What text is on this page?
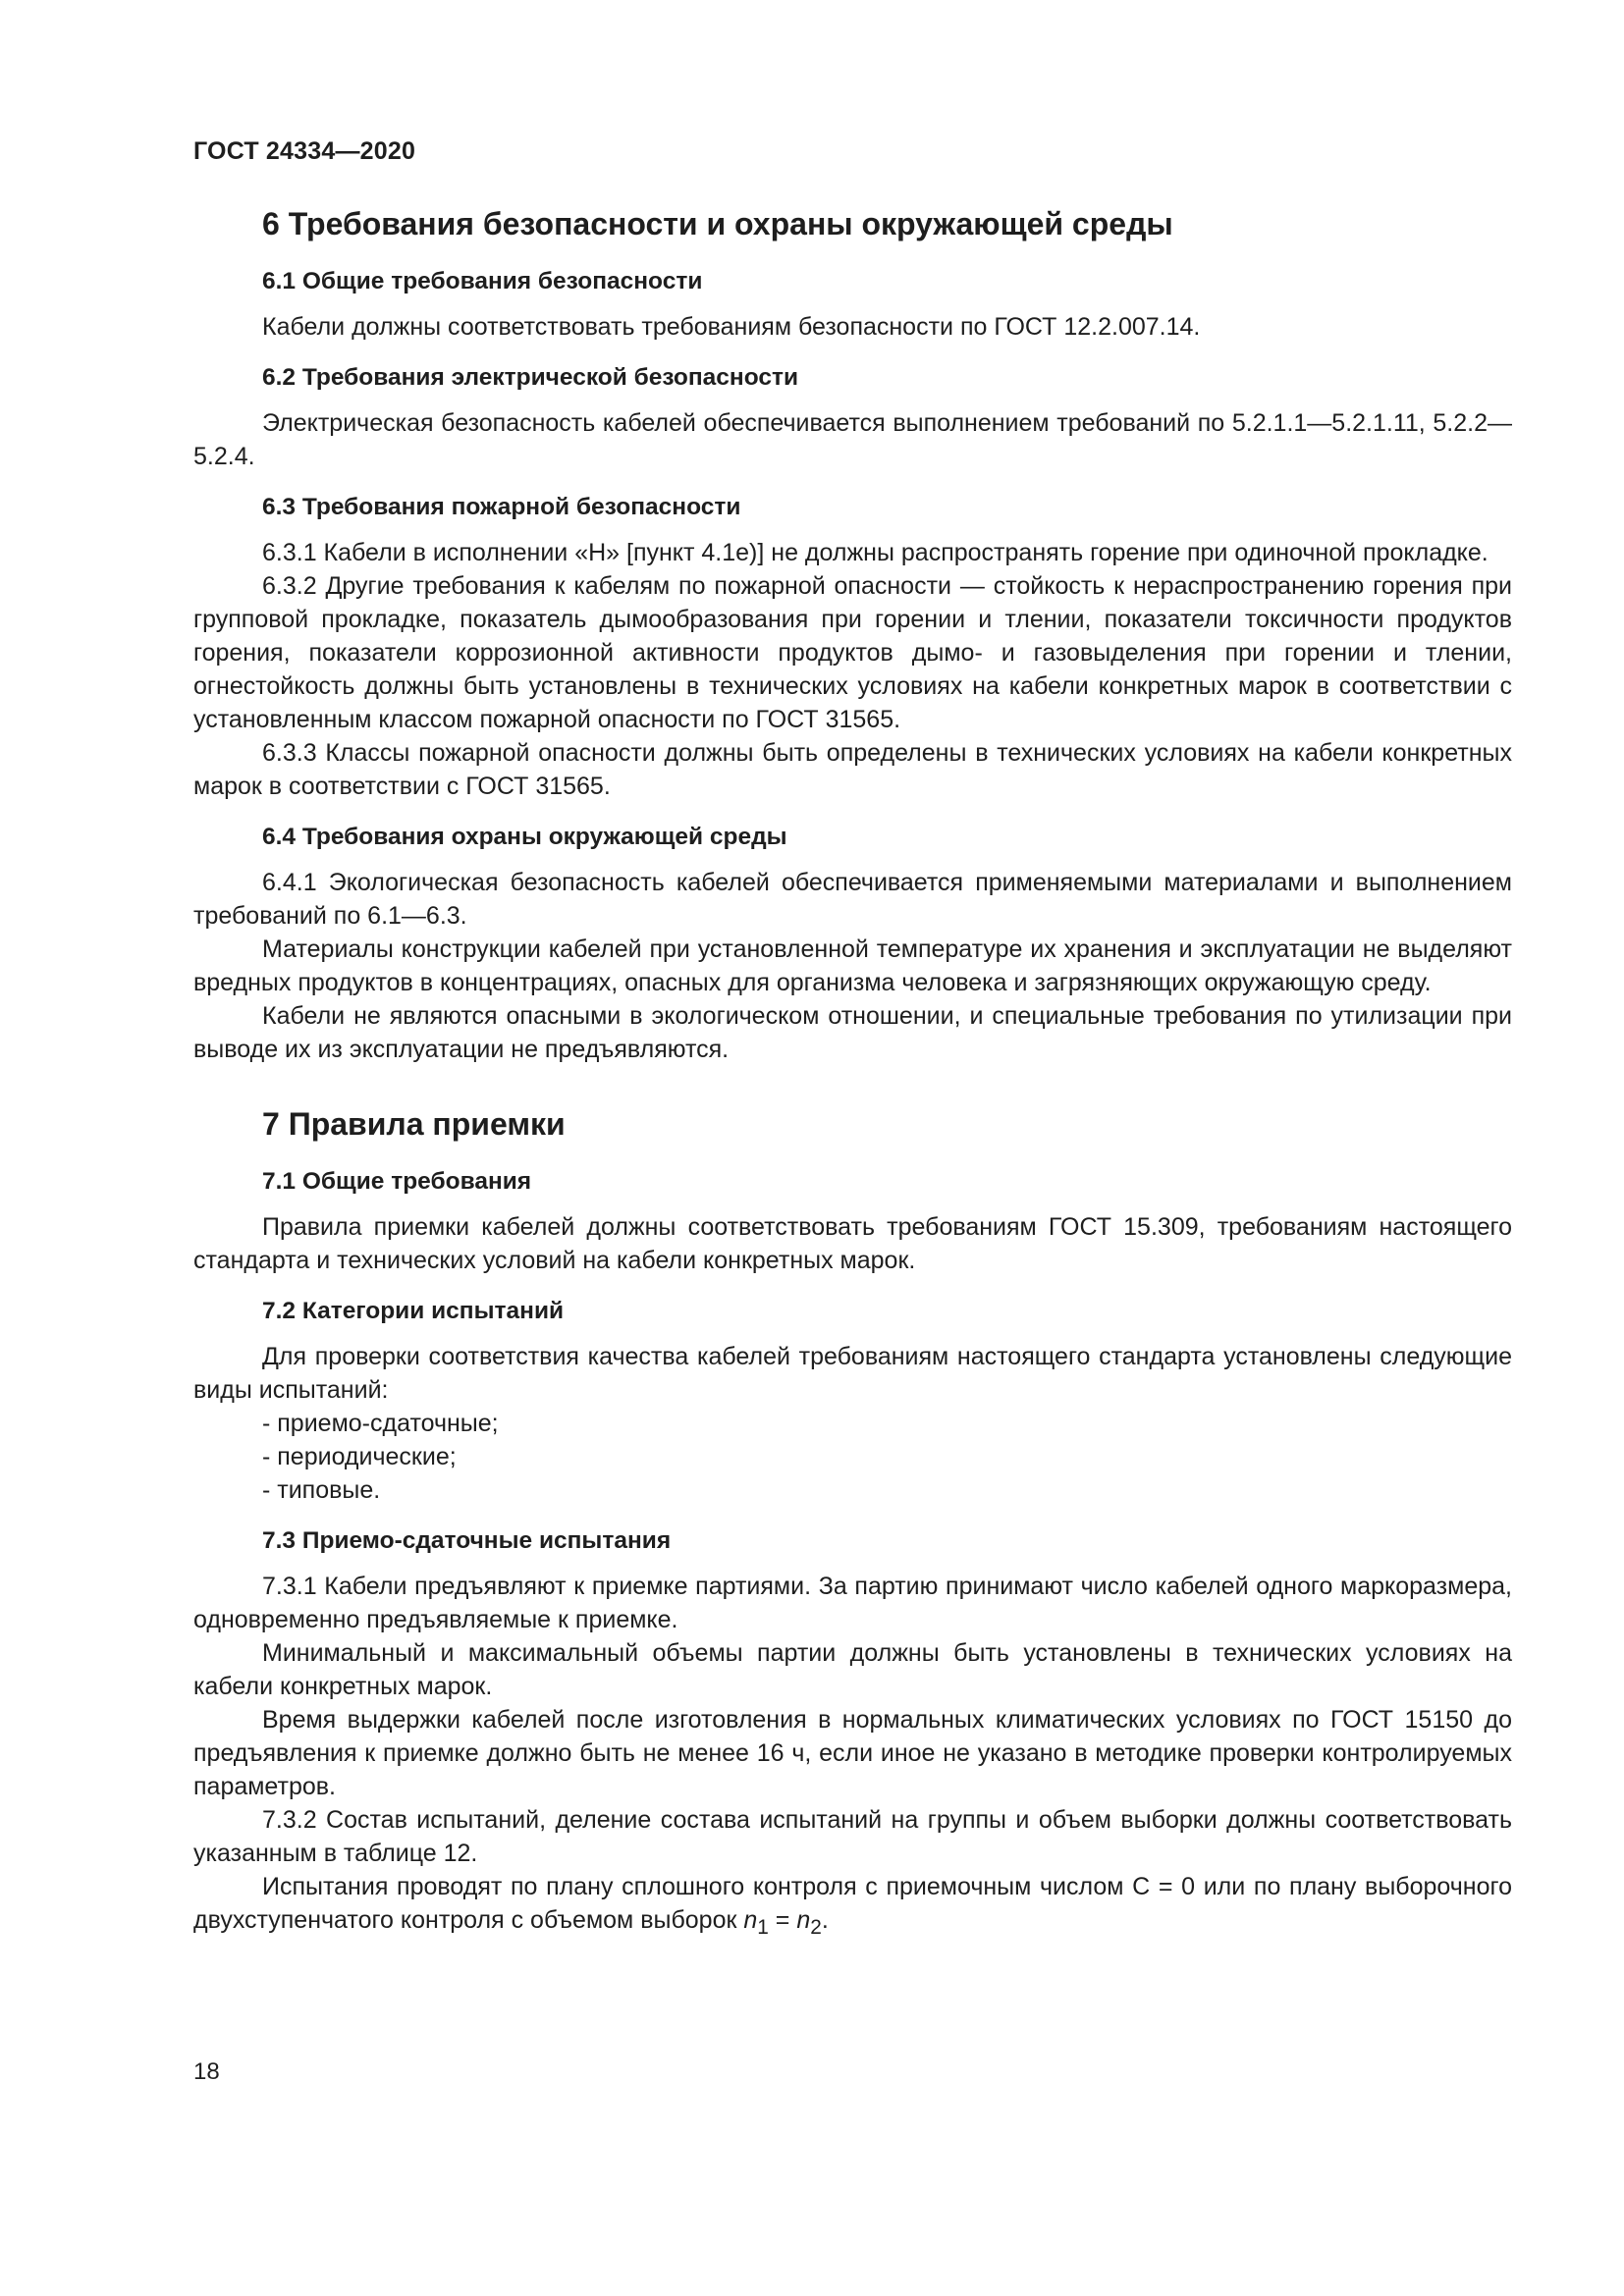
ГОСТ 24334—2020
6 Требования безопасности и охраны окружающей среды
6.1 Общие требования безопасности

Кабели должны соответствовать требованиям безопасности по ГОСТ 12.2.007.14.

6.2 Требования электрической безопасности

Электрическая безопасность кабелей обеспечивается выполнением требований по 5.2.1.1—5.2.1.11, 5.2.2—5.2.4.

6.3 Требования пожарной безопасности

6.3.1 Кабели в исполнении «Н» [пункт 4.1е)] не должны распространять горение при одиночной прокладке.

6.3.2 Другие требования к кабелям по пожарной опасности — стойкость к нераспространению горения при групповой прокладке, показатель дымообразования при горении и тлении, показатели токсичности продуктов горения, показатели коррозионной активности продуктов дымо- и газовыделения при горении и тлении, огнестойкость должны быть установлены в технических условиях на кабели конкретных марок в соответствии с установленным классом пожарной опасности по ГОСТ 31565.

6.3.3 Классы пожарной опасности должны быть определены в технических условиях на кабели конкретных марок в соответствии с ГОСТ 31565.

6.4 Требования охраны окружающей среды

6.4.1 Экологическая безопасность кабелей обеспечивается применяемыми материалами и выполнением требований по 6.1—6.3.

Материалы конструкции кабелей при установленной температуре их хранения и эксплуатации не выделяют вредных продуктов в концентрациях, опасных для организма человека и загрязняющих окружающую среду.

Кабели не являются опасными в экологическом отношении, и специальные требования по утилизации при выводе их из эксплуатации не предъявляются.

7 Правила приемки
7.1 Общие требования

Правила приемки кабелей должны соответствовать требованиям ГОСТ 15.309, требованиям настоящего стандарта и технических условий на кабели конкретных марок.

7.2 Категории испытаний

Для проверки соответствия качества кабелей требованиям настоящего стандарта установлены следующие виды испытаний:

- приемо-сдаточные;
- периодические;
- типовые.
7.3 Приемо-сдаточные испытания

7.3.1 Кабели предъявляют к приемке партиями. За партию принимают число кабелей одного маркоразмера, одновременно предъявляемые к приемке.

Минимальный и максимальный объемы партии должны быть установлены в технических условиях на кабели конкретных марок.

Время выдержки кабелей после изготовления в нормальных климатических условиях по ГОСТ 15150 до предъявления к приемке должно быть не менее 16 ч, если иное не указано в методике проверки контролируемых параметров.

7.3.2 Состав испытаний, деление состава испытаний на группы и объем выборки должны соответствовать указанным в таблице 12.

Испытания проводят по плану сплошного контроля с приемочным числом С = 0 или по плану выборочного двухступенчатого контроля с объемом выборок $n_1 = n_2$.

18
